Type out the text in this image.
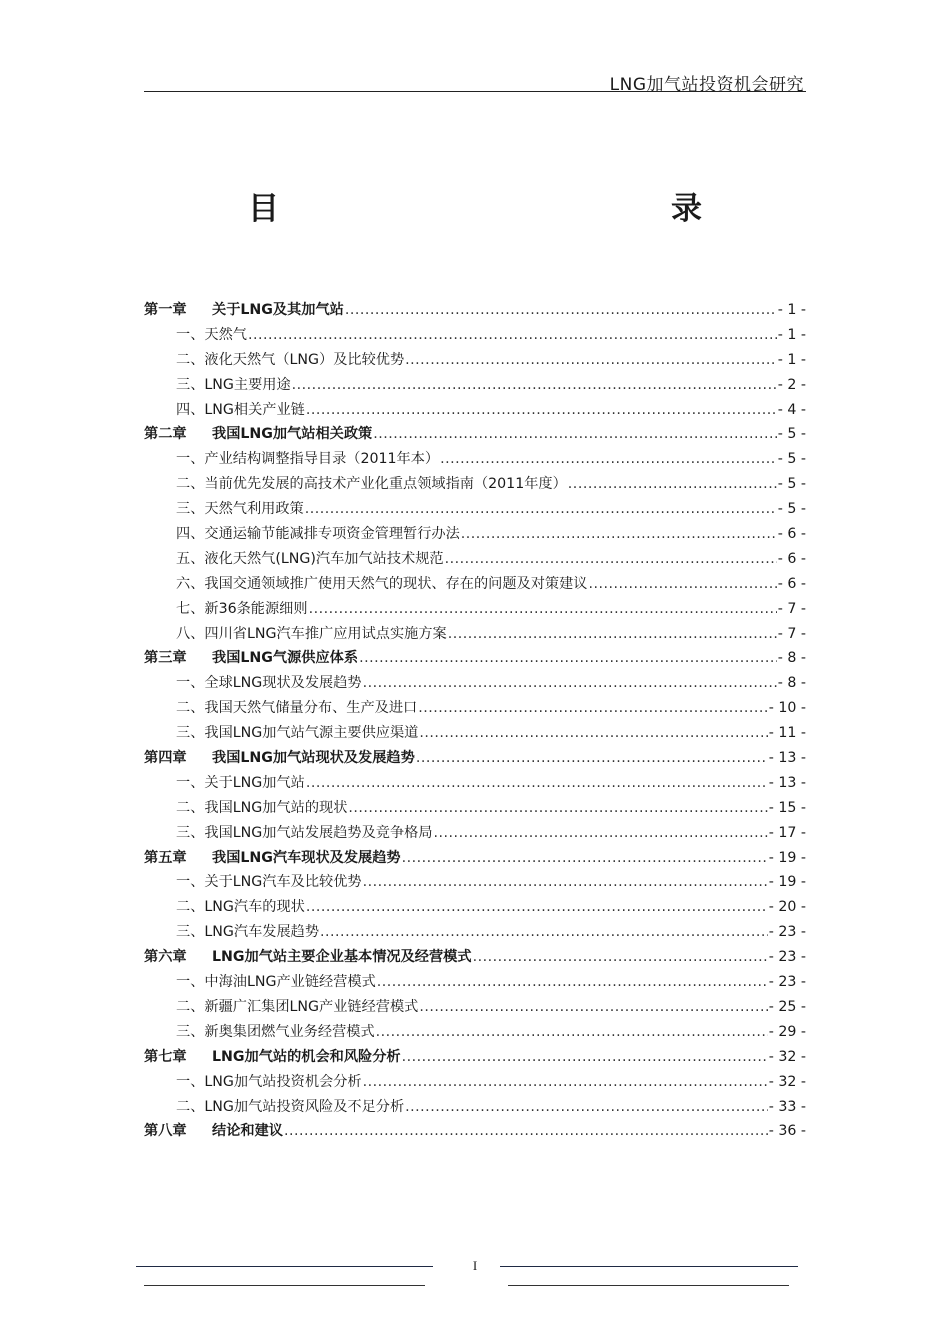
LNG加气站投资机会研究
目　　录
第一章	关于LNG及其加气站 .....	- 1 -
一、天然气 .....	- 1 -
二、液化天然气（LNG）及比较优势 .....	- 1 -
三、LNG主要用途 .....	- 2 -
四、LNG相关产业链 .....	- 4 -
第二章	我国LNG加气站相关政策 .....	- 5 -
一、产业结构调整指导目录（2011年本） .....	- 5 -
二、当前优先发展的高技术产业化重点领域指南（2011年度） .....	- 5 -
三、天然气利用政策 .....	- 5 -
四、交通运输节能减排专项资金管理暂行办法 .....	- 6 -
五、液化天然气(LNG)汽车加气站技术规范 .....	- 6 -
六、我国交通领域推广使用天然气的现状、存在的问题及对策建议 .....	- 6 -
七、新36条能源细则 .....	- 7 -
八、四川省LNG汽车推广应用试点实施方案 .....	- 7 -
第三章	我国LNG气源供应体系 .....	- 8 -
一、全球LNG现状及发展趋势 .....	- 8 -
二、我国天然气储量分布、生产及进口 .....	- 10 -
三、我国LNG加气站气源主要供应渠道 .....	- 11 -
第四章	我国LNG加气站现状及发展趋势 .....	- 13 -
一、关于LNG加气站 .....	- 13 -
二、我国LNG加气站的现状 .....	- 15 -
三、我国LNG加气站发展趋势及竞争格局 .....	- 17 -
第五章	我国LNG汽车现状及发展趋势 .....	- 19 -
一、关于LNG汽车及比较优势 .....	- 19 -
二、LNG汽车的现状 .....	- 20 -
三、LNG汽车发展趋势 .....	- 23 -
第六章	LNG加气站主要企业基本情况及经营模式 .....	- 23 -
一、中海油LNG产业链经营模式 .....	- 23 -
二、新疆广汇集团LNG产业链经营模式 .....	- 25 -
三、新奥集团燃气业务经营模式 .....	- 29 -
第七章	LNG加气站的机会和风险分析 .....	- 32 -
一、LNG加气站投资机会分析 .....	- 32 -
二、LNG加气站投资风险及不足分析 .....	- 33 -
第八章	结论和建议 .....	- 36 -
I
